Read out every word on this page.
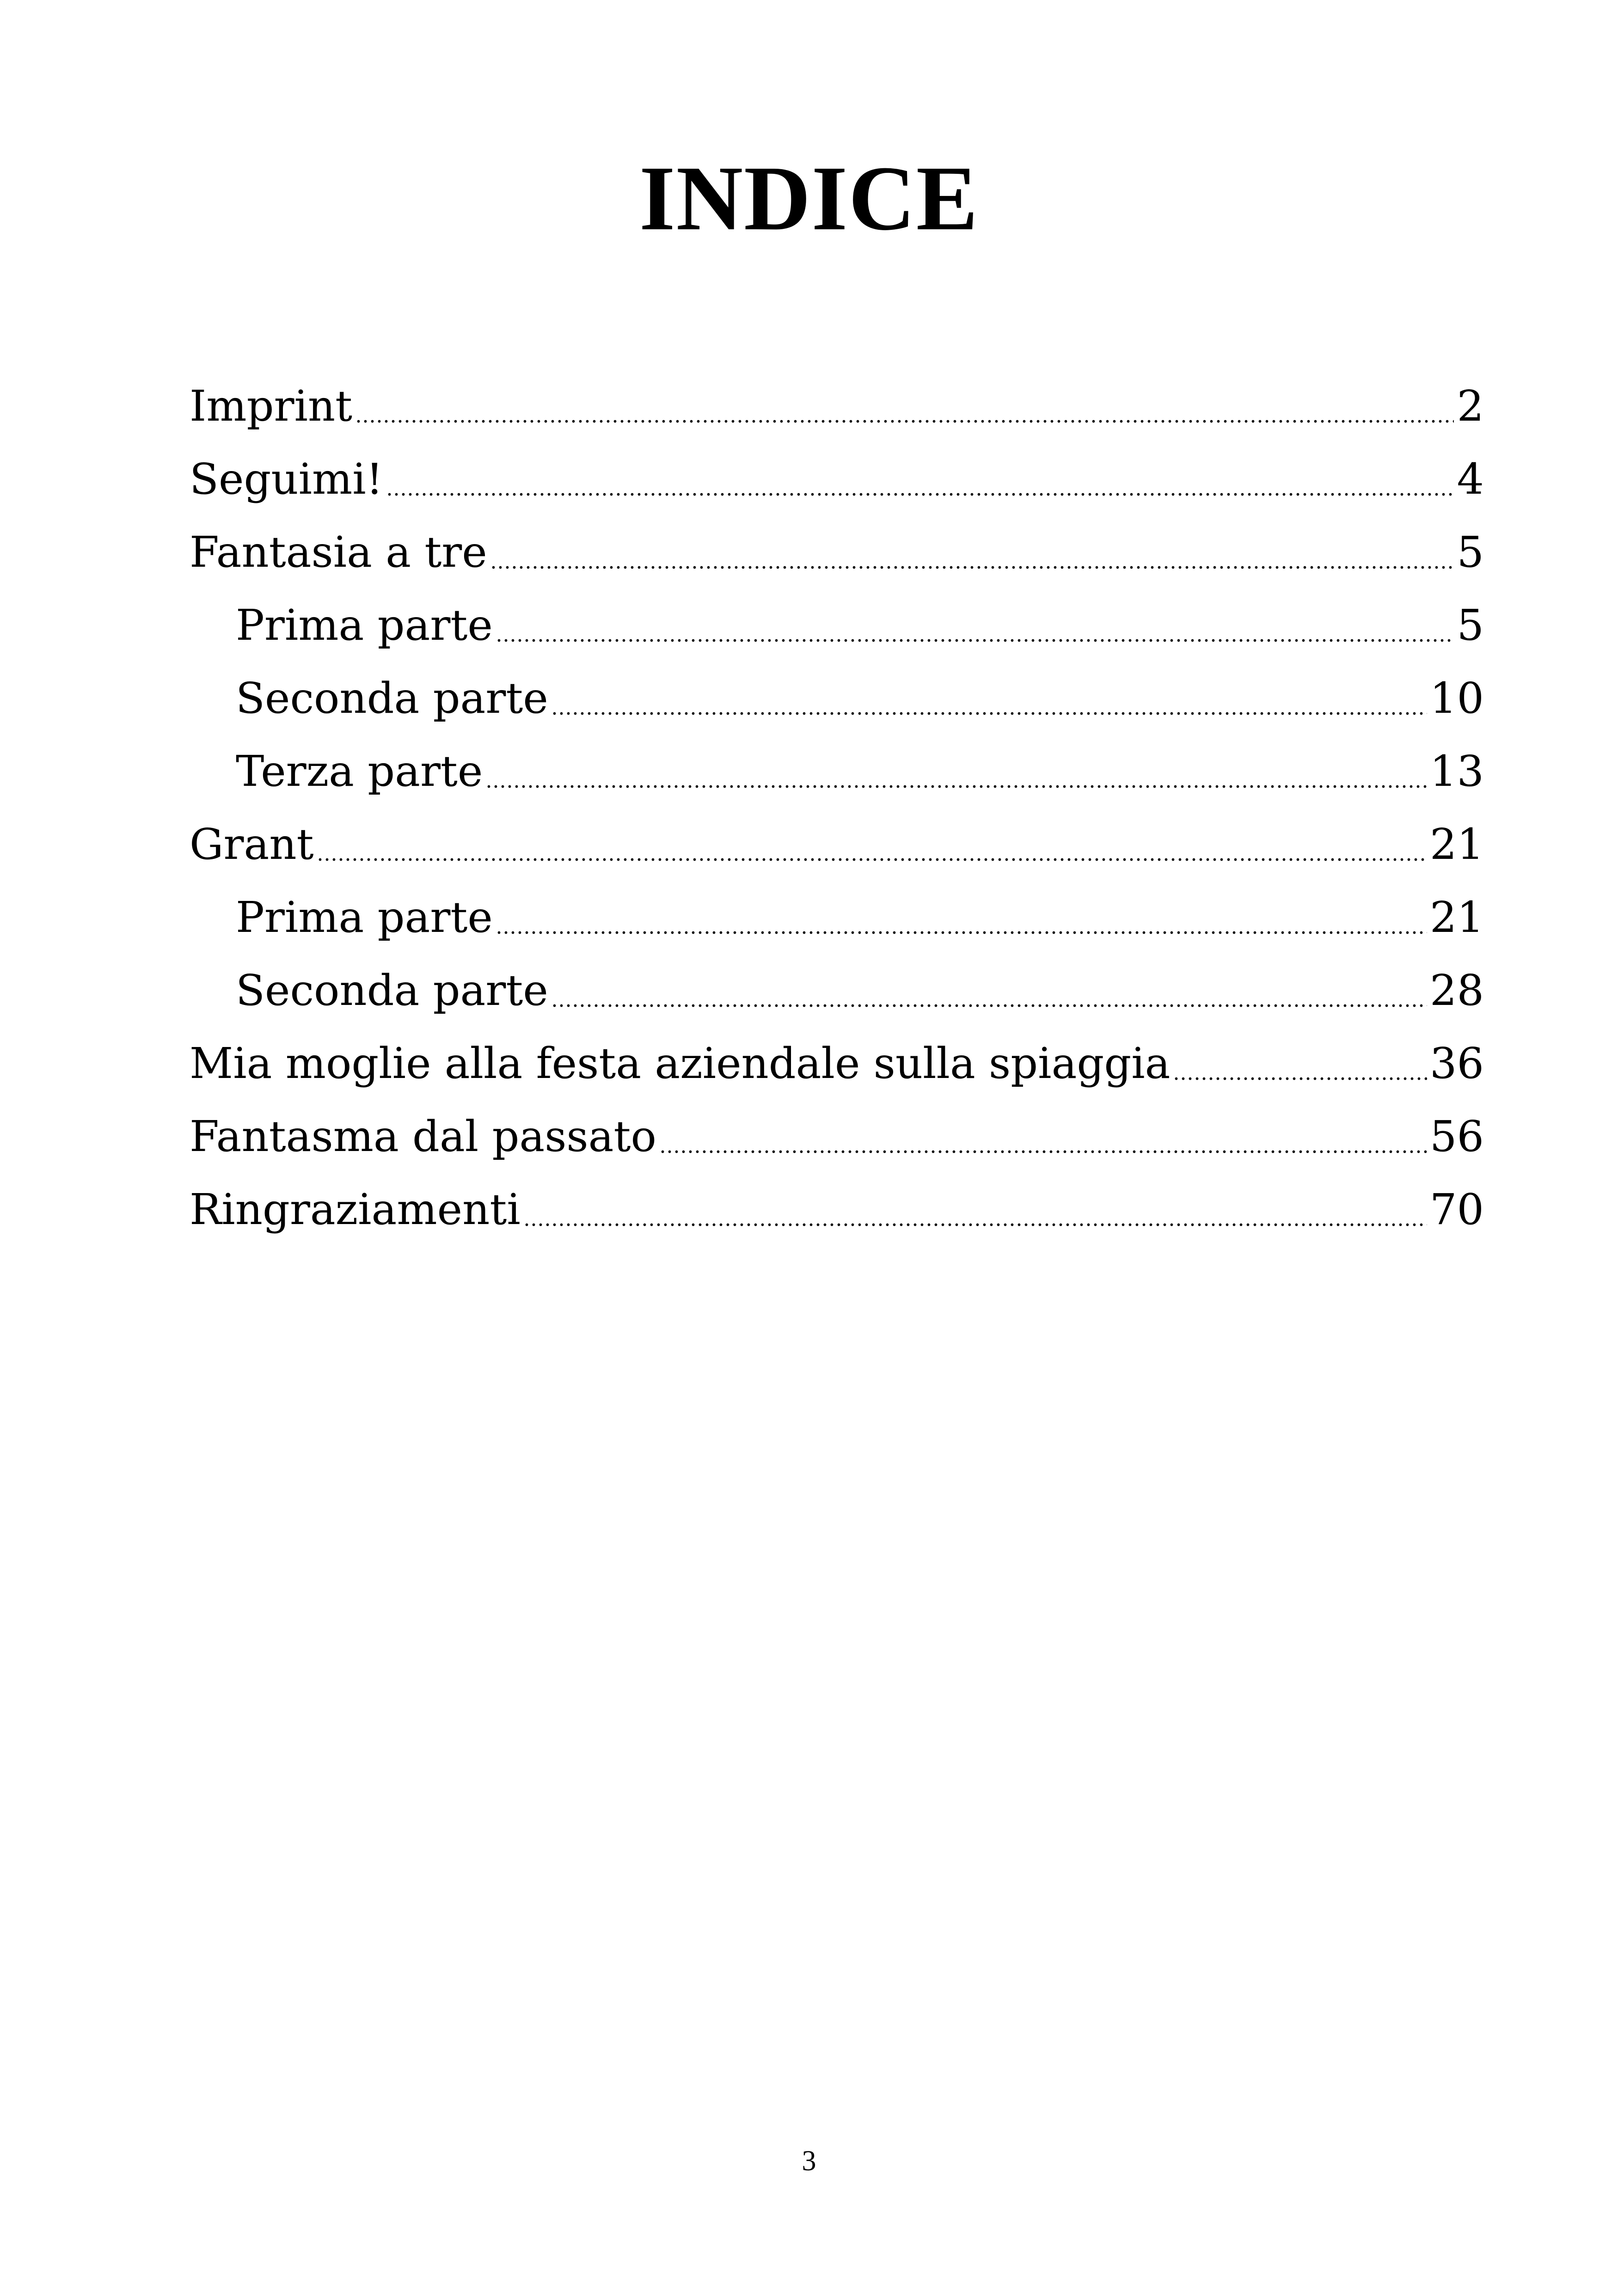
INDICE
Imprint	2
Seguimi!	4
Fantasia a tre	5
Prima parte	5
Seconda parte	10
Terza parte	13
Grant	21
Prima parte	21
Seconda parte	28
Mia moglie alla festa aziendale sulla spiaggia	36
Fantasma dal passato	56
Ringraziamenti	70
3
